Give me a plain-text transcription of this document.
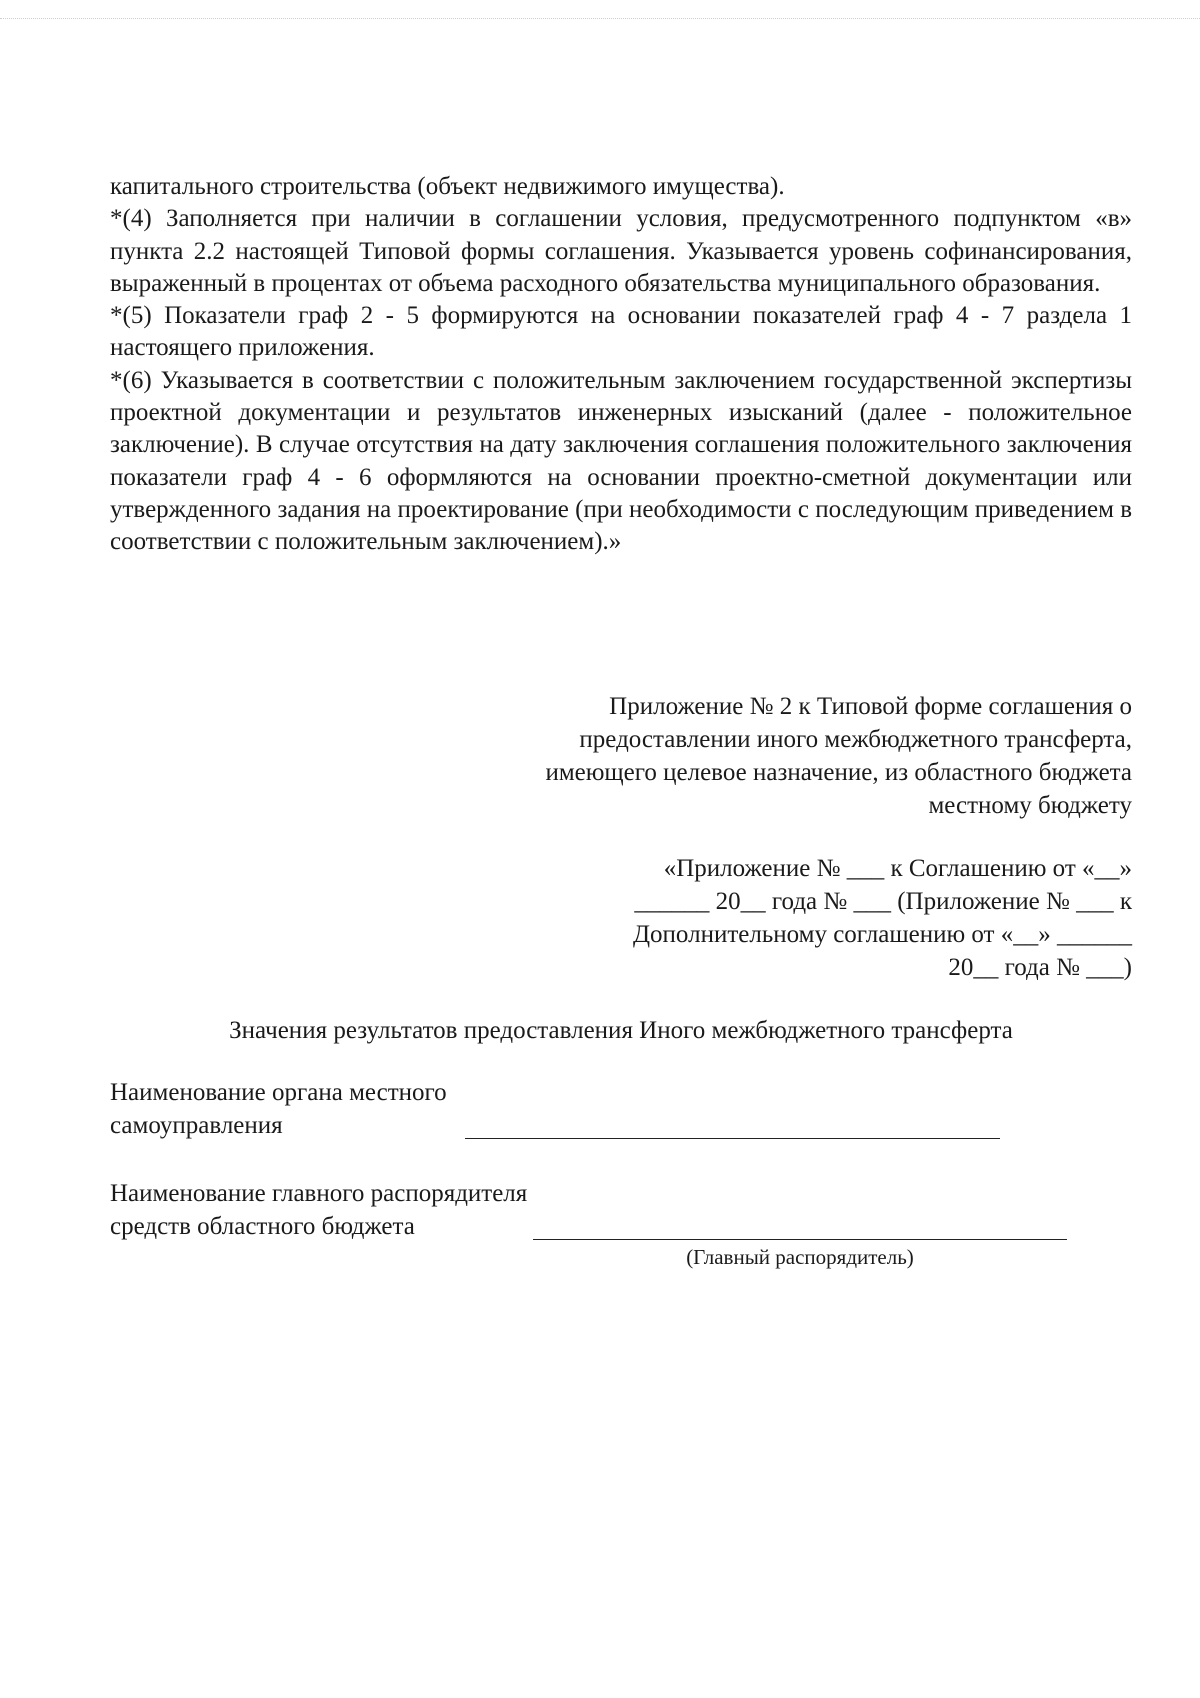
капитального строительства (объект недвижимого имущества).

*(4) Заполняется при наличии в соглашении условия, предусмотренного подпунктом «в» пункта 2.2 настоящей Типовой формы соглашения. Указывается уровень софинансирования, выраженный в процентах от объема расходного обязательства муниципального образования.

*(5) Показатели граф 2 - 5 формируются на основании показателей граф 4 - 7 раздела 1 настоящего приложения.

*(6) Указывается в соответствии с положительным заключением государственной экспертизы проектной документации и результатов инженерных изысканий (далее - положительное заключение). В случае отсутствия на дату заключения соглашения положительного заключения показатели граф 4 - 6 оформляются на основании проектно-сметной документации или утвержденного задания на проектирование (при необходимости с последующим приведением в соответствии с положительным заключением).»

Приложение № 2 к Типовой форме соглашения о предоставлении иного межбюджетного трансферта, имеющего целевое назначение, из областного бюджета местному бюджету
«Приложение № ___ к Соглашению от «__»
______ 20__ года № ___ (Приложение № ___ к
Дополнительному соглашению от «__» ______
20__ года № ___)
Значения результатов предоставления Иного межбюджетного трансферта
Наименование органа местного
самоуправления
Наименование главного распорядителя
средств областного бюджета
(Главный распорядитель)
